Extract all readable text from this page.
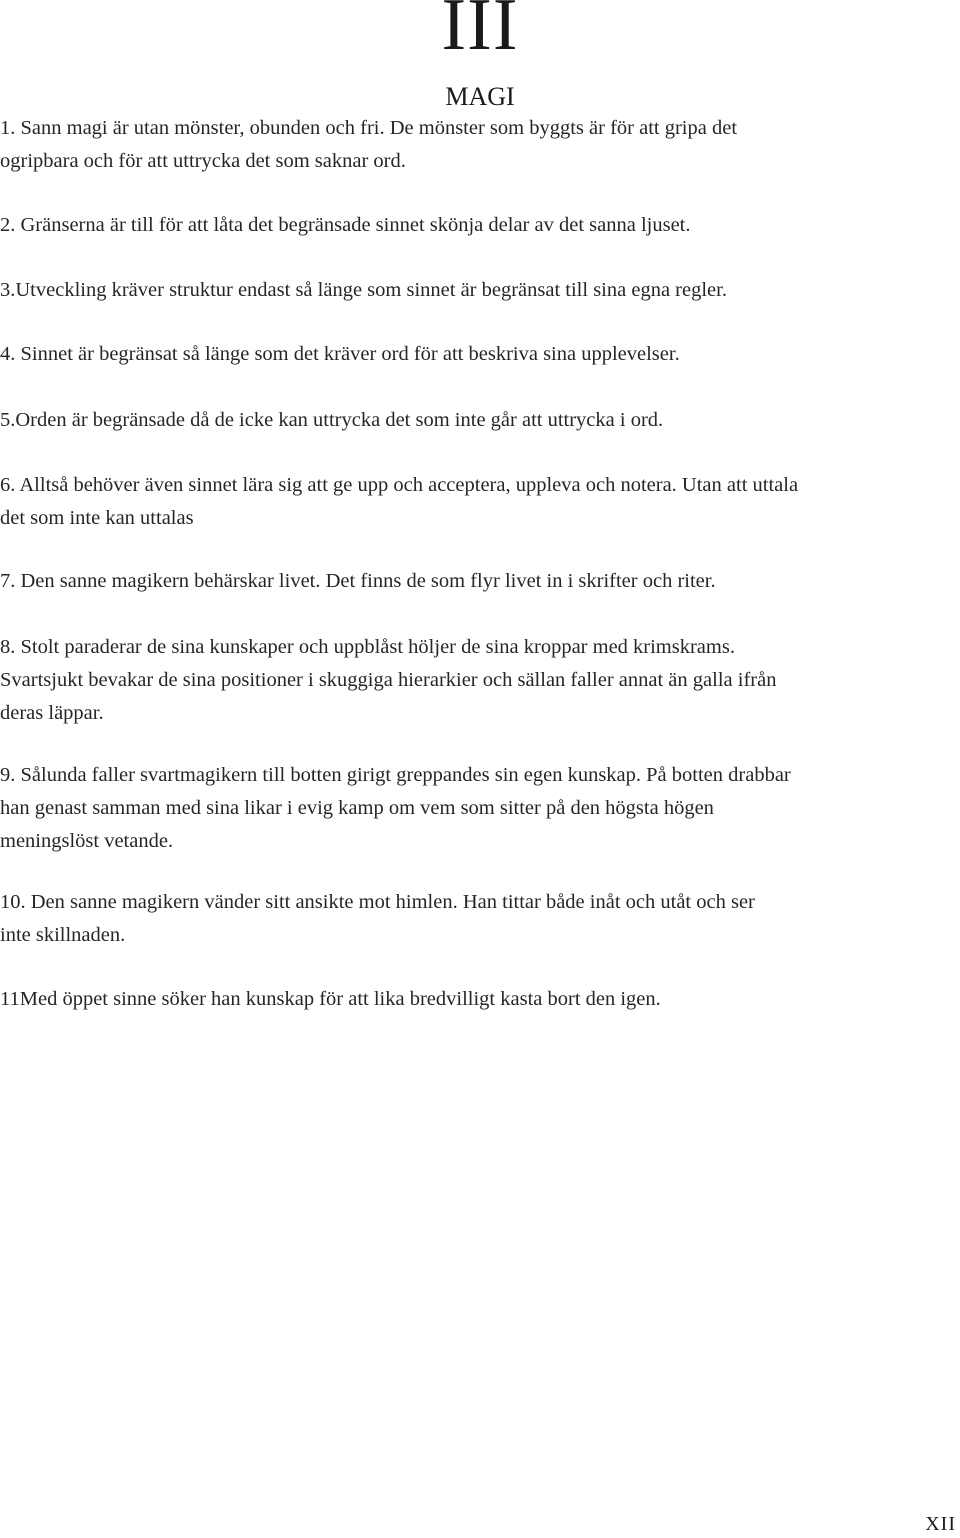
III
MAGI
1. Sann magi är utan mönster, obunden och fri. De mönster som byggts är för att gripa det
ogripbara och för att uttrycka det som saknar ord.
2. Gränserna är till för att låta det begränsade sinnet skönja delar av det sanna ljuset.
3.Utveckling kräver struktur endast så länge som sinnet är begränsat till sina egna regler.
4. Sinnet är begränsat så länge som det kräver ord för att beskriva sina upplevelser.
5.Orden är begränsade då de icke kan uttrycka det som inte går att uttrycka i ord.
6. Alltså behöver även sinnet lära sig att ge upp och acceptera, uppleva och notera. Utan att uttala
det som inte kan uttalas
7. Den sanne magikern behärskar livet. Det finns de som flyr livet in i skrifter och riter.
8. Stolt paraderar de sina kunskaper och uppblåst höljer de sina kroppar med krimskrams.
Svartsjukt bevakar de sina positioner i skuggiga hierarkier och sällan faller annat än galla ifrån
deras läppar.
9. Sålunda faller svartmagikern till botten girigt greppandes sin egen kunskap. På botten drabbar
han genast samman med sina likar i evig kamp om vem som sitter på den högsta högen
meningslöst vetande.
10. Den sanne magikern vänder sitt ansikte mot himlen. Han tittar både inåt och utåt och ser
inte skillnaden.
11Med öppet sinne söker han kunskap för att lika bredvilligt kasta bort den igen.
XII
